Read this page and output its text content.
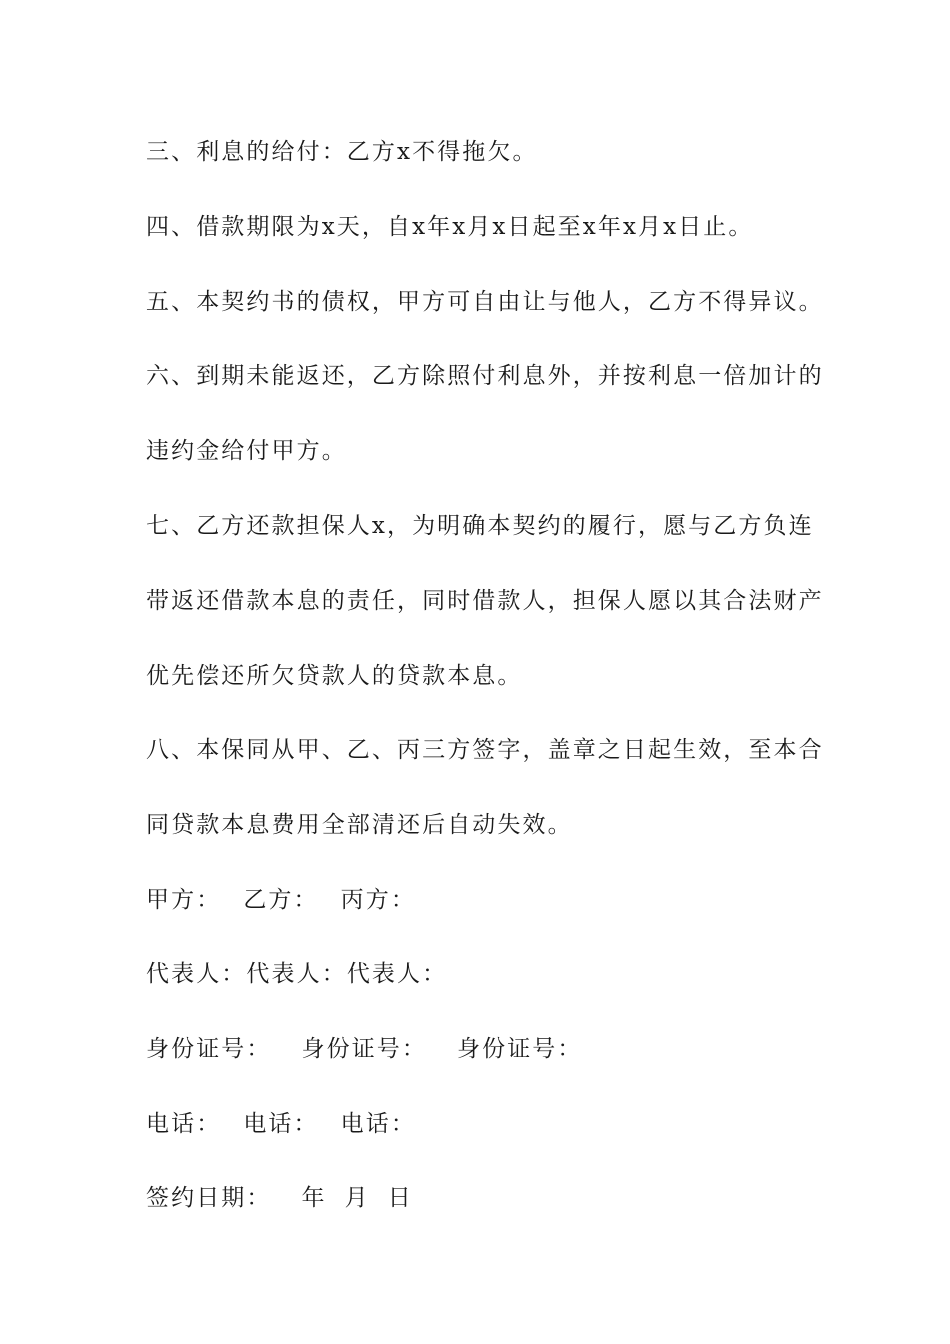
三、利息的给付：乙方x不得拖欠。
四、借款期限为x天，自x年x月x日起至x年x月x日止。
五、本契约书的债权，甲方可自由让与他人，乙方不得异议。
六、到期未能返还，乙方除照付利息外，并按利息一倍加计的
违约金给付甲方。
七、乙方还款担保人x，为明确本契约的履行，愿与乙方负连
带返还借款本息的责任，同时借款人，担保人愿以其合法财产
优先偿还所欠贷款人的贷款本息。
八、本保同从甲、乙、丙三方签字，盖章之日起生效，至本合
同贷款本息费用全部清还后自动失效。
甲方： 乙方： 丙方：
代表人：代表人：代表人：
身份证号： 身份证号： 身份证号：
电话： 电话： 电话：
签约日期： 年 月 日
